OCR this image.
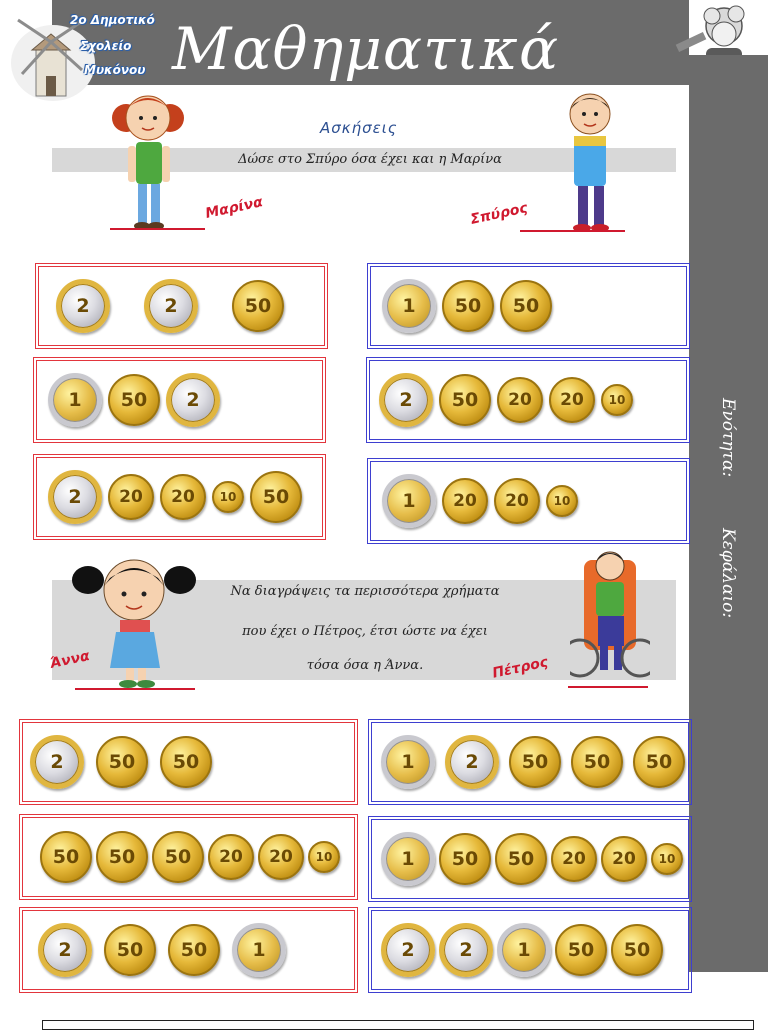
2ο Δημοτικό
Σχολείο
Μυκόνου Μαθηματικά
Ενότητα:
Κεφάλαιο:
Ασκήσεις
Δώσε στο Σπύρο όσα έχει και η Μαρίνα
Μαρίνα	Σπύρος
Να διαγράψεις τα περισσότερα χρήματα
που έχει ο Πέτρος, έτσι ώστε να έχει
τόσα όσα η Άννα.
Άννα	Πέτρος
2	2	50	1	50	50
1	50	2	2	50	20	20	10
2	20	20	10	50	1	20	20	10
2	50	50	1	2	50	50	50
50	50	50	20	20	10	1	50	50	20	20	10
2	50	50	1	2	2	1	50	50
